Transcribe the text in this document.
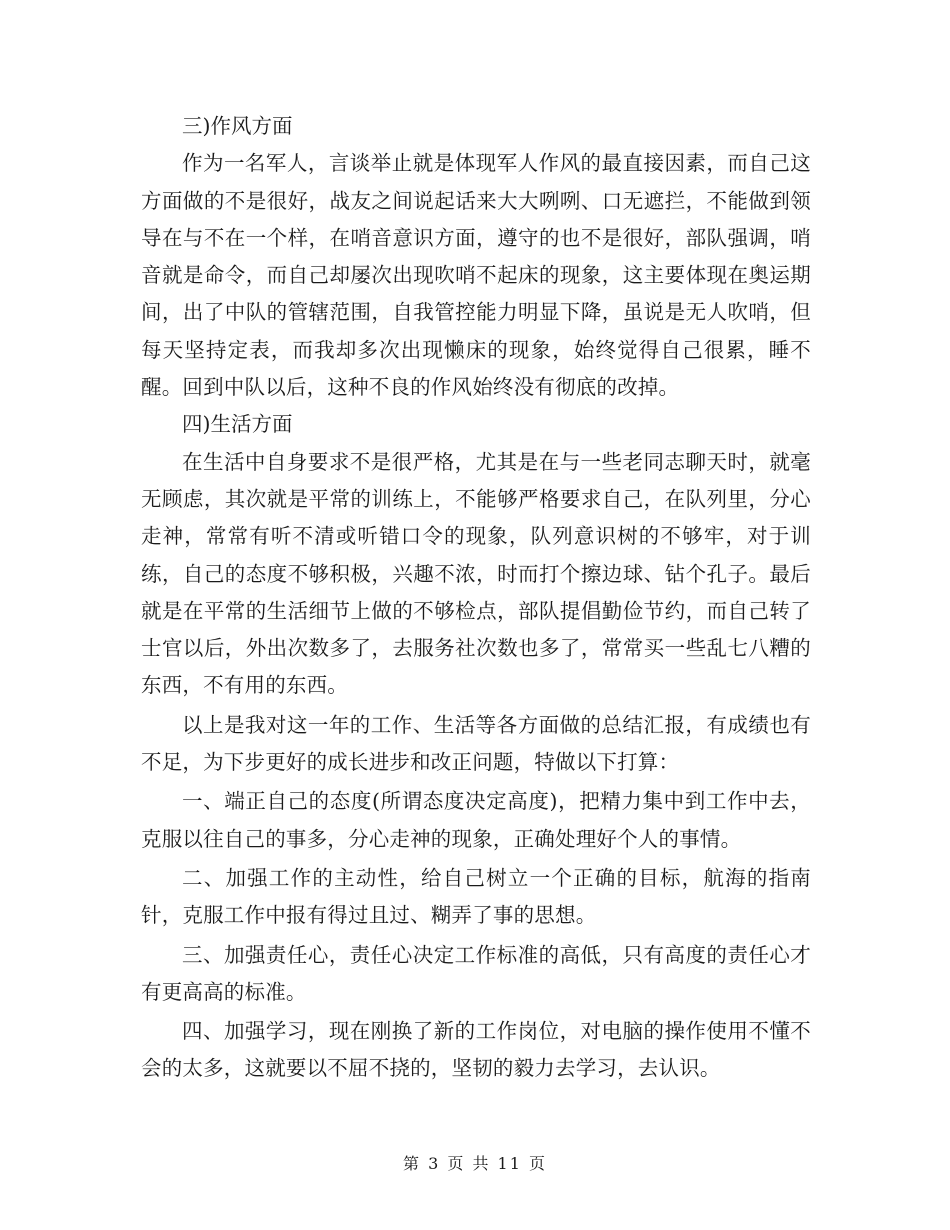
三)作风方面

作为一名军人，言谈举止就是体现军人作风的最直接因素，而自己这方面做的不是很好，战友之间说起话来大大咧咧、口无遮拦，不能做到领导在与不在一个样，在哨音意识方面，遵守的也不是很好，部队强调，哨音就是命令，而自己却屡次出现吹哨不起床的现象，这主要体现在奥运期间，出了中队的管辖范围，自我管控能力明显下降，虽说是无人吹哨，但每天坚持定表，而我却多次出现懒床的现象，始终觉得自己很累，睡不醒。回到中队以后，这种不良的作风始终没有彻底的改掉。

四)生活方面

在生活中自身要求不是很严格，尤其是在与一些老同志聊天时，就毫无顾虑，其次就是平常的训练上，不能够严格要求自己，在队列里，分心走神，常常有听不清或听错口令的现象，队列意识树的不够牢，对于训练，自己的态度不够积极，兴趣不浓，时而打个擦边球、钻个孔子。最后就是在平常的生活细节上做的不够检点，部队提倡勤俭节约，而自己转了士官以后，外出次数多了，去服务社次数也多了，常常买一些乱七八糟的东西，不有用的东西。

以上是我对这一年的工作、生活等各方面做的总结汇报，有成绩也有不足，为下步更好的成长进步和改正问题，特做以下打算：

一、端正自己的态度(所谓态度决定高度)，把精力集中到工作中去，克服以往自己的事多，分心走神的现象，正确处理好个人的事情。

二、加强工作的主动性，给自己树立一个正确的目标，航海的指南针，克服工作中报有得过且过、糊弄了事的思想。

三、加强责任心，责任心决定工作标准的高低，只有高度的责任心才有更高高的标准。

四、加强学习，现在刚换了新的工作岗位，对电脑的操作使用不懂不会的太多，这就要以不屈不挠的，坚韧的毅力去学习，去认识。

第 3 页 共 11 页
